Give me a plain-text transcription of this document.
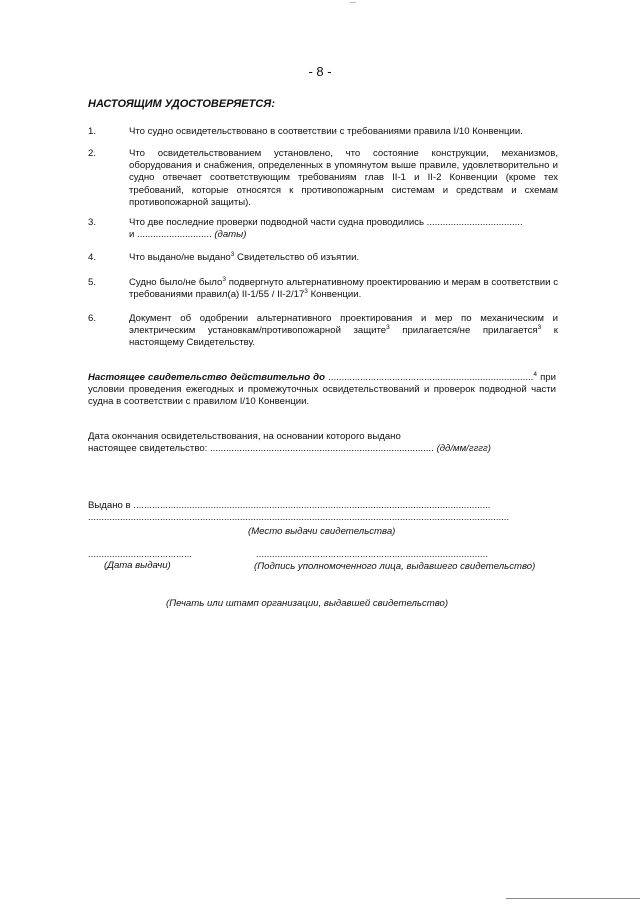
- 8 -
НАСТОЯЩИМ УДОСТОВЕРЯЕТСЯ:
1.	Что судно освидетельствовано в соответствии с требованиями правила I/10 Конвенции.
2.	Что освидетельствованием установлено, что состояние конструкции, механизмов, оборудования и снабжения, определенных в упомянутом выше правиле, удовлетворительно и судно отвечает соответствующим требованиям глав II-1 и II-2 Конвенции (кроме тех требований, которые относятся к противопожарным системам и средствам и схемам противопожарной защиты).
3.	Что две последние проверки подводной части судна проводились ....................................
и ............................ (даты)
4.	Что выдано/не выдано$^3$ Свидетельство об изъятии.
5.	Судно было/не было$^3$ подвергнуто альтернативному проектированию и мерам в соответствии с требованиями правил(а) $II-1/55 / II-2/17^3$ Конвенции.
6.	Документ об одобрении альтернативного проектирования и мер по механическим и электрическим установкам/противопожарной защите$^3$ прилагается/не прилагается$^3$ к настоящему Свидетельству.
Настоящее свидетельство действительно до .............................................................................$^4$ при условии проведения ежегодных и промежуточных освидетельствований и проверок подводной части судна в соответствии с правилом I/10 Конвенции.
Дата окончания освидетельствования, на основании которого выдано
настоящее свидетельство: .................................................................................... (дд/мм/гггг)
Выдано в ......................................................................................................................................
..............................................................................................................................................................
(Место выдачи свидетельства)
.......................................	.......................................................................................
(Дата выдачи)	(Подпись уполномоченного лица, выдавшего свидетельство)
(Печать или штамп организации, выдавшей свидетельство)
